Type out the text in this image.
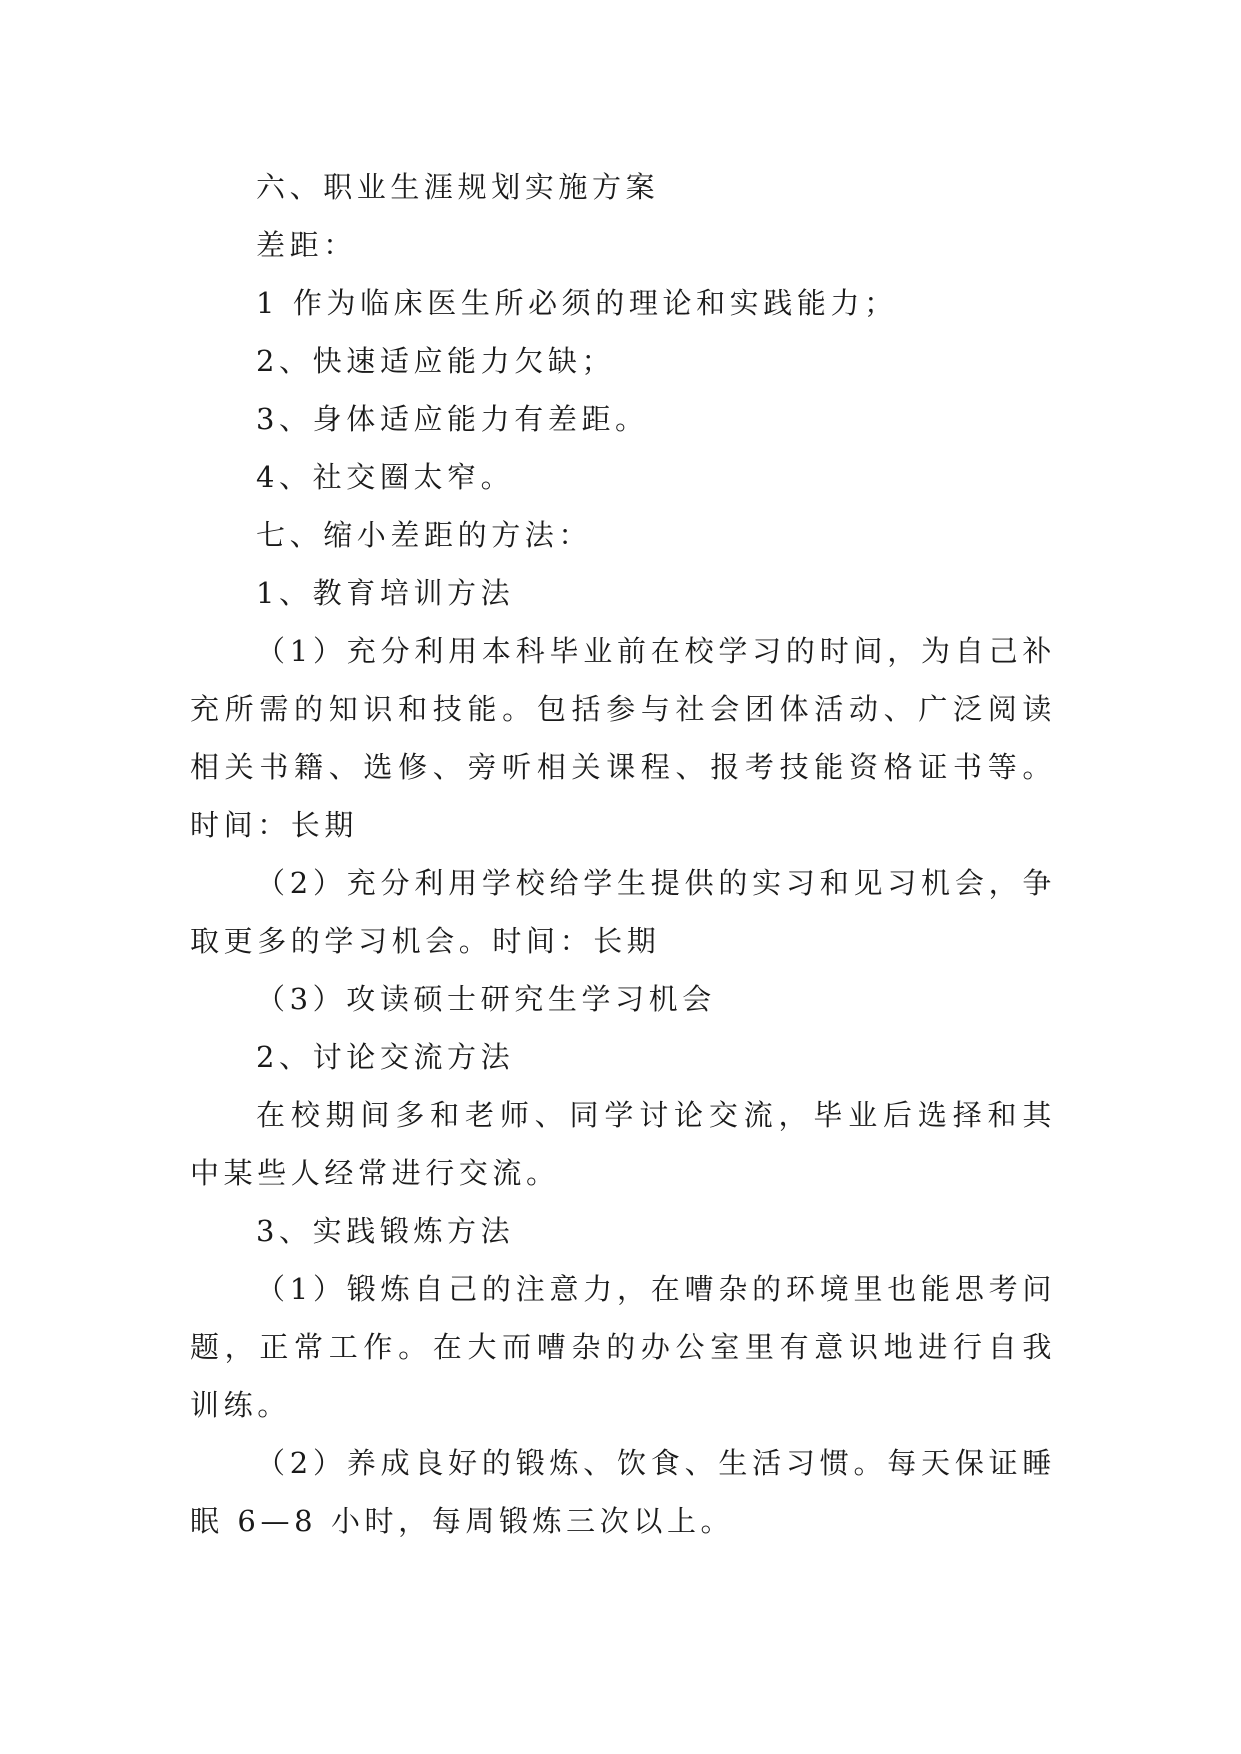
六、职业生涯规划实施方案

差距：

1 作为临床医生所必须的理论和实践能力；

2、快速适应能力欠缺；

3、身体适应能力有差距。

4、社交圈太窄。

七、缩小差距的方法：

1、教育培训方法

（1）充分利用本科毕业前在校学习的时间，为自己补充所需的知识和技能。包括参与社会团体活动、广泛阅读相关书籍、选修、旁听相关课程、报考技能资格证书等。时间：长期

（2）充分利用学校给学生提供的实习和见习机会，争取更多的学习机会。时间：长期

（3）攻读硕士研究生学习机会

2、讨论交流方法

在校期间多和老师、同学讨论交流，毕业后选择和其中某些人经常进行交流。

3、实践锻炼方法

（1）锻炼自己的注意力，在嘈杂的环境里也能思考问题，正常工作。在大而嘈杂的办公室里有意识地进行自我训练。

（2）养成良好的锻炼、饮食、生活习惯。每天保证睡眠 6—8 小时，每周锻炼三次以上。
